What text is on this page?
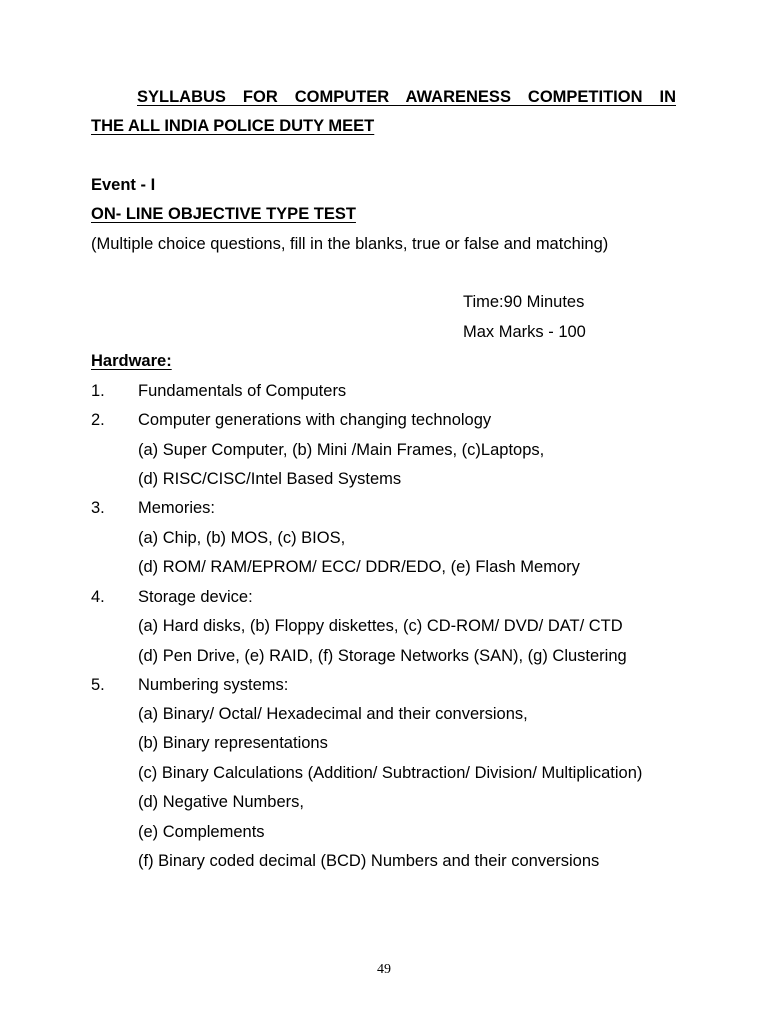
SYLLABUS FOR COMPUTER AWARENESS COMPETITION IN
THE ALL INDIA POLICE DUTY MEET
Event - I
ON- LINE OBJECTIVE TYPE TEST
(Multiple choice questions, fill in the blanks, true or false and matching)
Time:90 Minutes
Max Marks - 100
Hardware:
1. Fundamentals of Computers
2. Computer generations with changing technology
(a) Super Computer, (b) Mini /Main Frames, (c)Laptops,
(d) RISC/CISC/Intel Based Systems
3. Memories:
(a) Chip, (b) MOS, (c) BIOS,
(d) ROM/ RAM/EPROM/ ECC/ DDR/EDO, (e) Flash Memory
4. Storage device:
(a) Hard disks, (b) Floppy diskettes, (c) CD-ROM/ DVD/ DAT/ CTD
(d) Pen Drive, (e) RAID, (f) Storage Networks (SAN), (g) Clustering
5. Numbering systems:
(a) Binary/ Octal/ Hexadecimal and their conversions,
(b) Binary representations
(c) Binary Calculations (Addition/ Subtraction/ Division/ Multiplication)
(d) Negative Numbers,
(e) Complements
(f) Binary coded decimal (BCD) Numbers and their conversions
49
